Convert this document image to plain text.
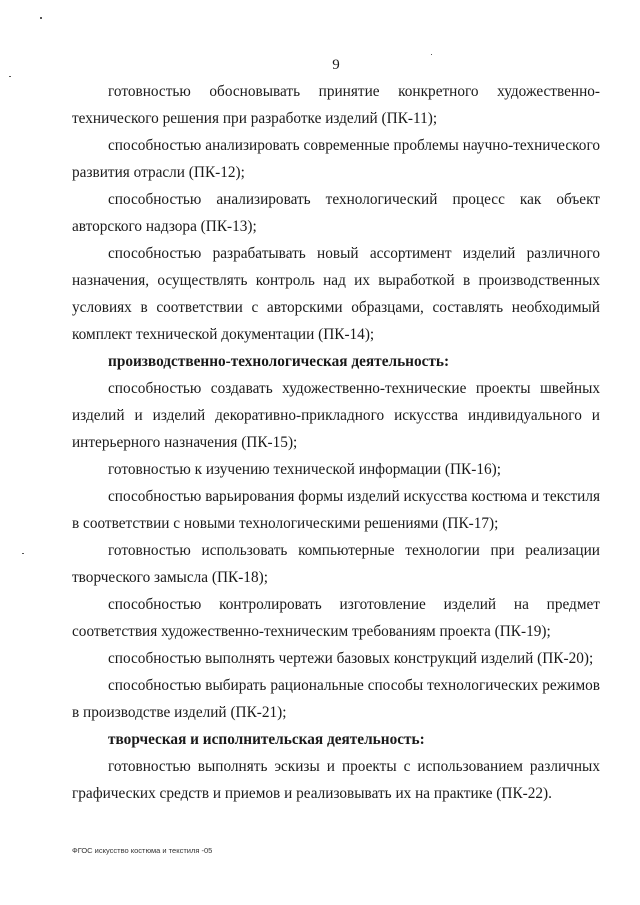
9

готовностью обосновывать принятие конкретного художественно-технического решения при разработке изделий (ПК-11);

способностью анализировать современные проблемы научно-технического развития отрасли (ПК-12);

способностью анализировать технологический процесс как объект авторского надзора (ПК-13);

способностью разрабатывать новый ассортимент изделий различного назначения, осуществлять контроль над их выработкой в производственных условиях в соответствии с авторскими образцами, составлять необходимый комплект технической документации (ПК-14);

производственно-технологическая деятельность:

способностью создавать художественно-технические проекты швейных изделий и изделий декоративно-прикладного искусства индивидуального и интерьерного назначения (ПК-15);

готовностью к изучению технической информации (ПК-16);

способностью варьирования формы изделий искусства костюма и текстиля в соответствии с новыми технологическими решениями (ПК-17);

готовностью использовать компьютерные технологии при реализации творческого замысла (ПК-18);

способностью контролировать изготовление изделий на предмет соответствия художественно-техническим требованиям проекта (ПК-19);

способностью выполнять чертежи базовых конструкций изделий (ПК-20);

способностью выбирать рациональные способы технологических режимов в производстве изделий (ПК-21);

творческая и исполнительская деятельность:

готовностью выполнять эскизы и проекты с использованием различных графических средств и приемов и реализовывать их на практике (ПК-22).

ФГОС искусство костюма и текстиля -05
